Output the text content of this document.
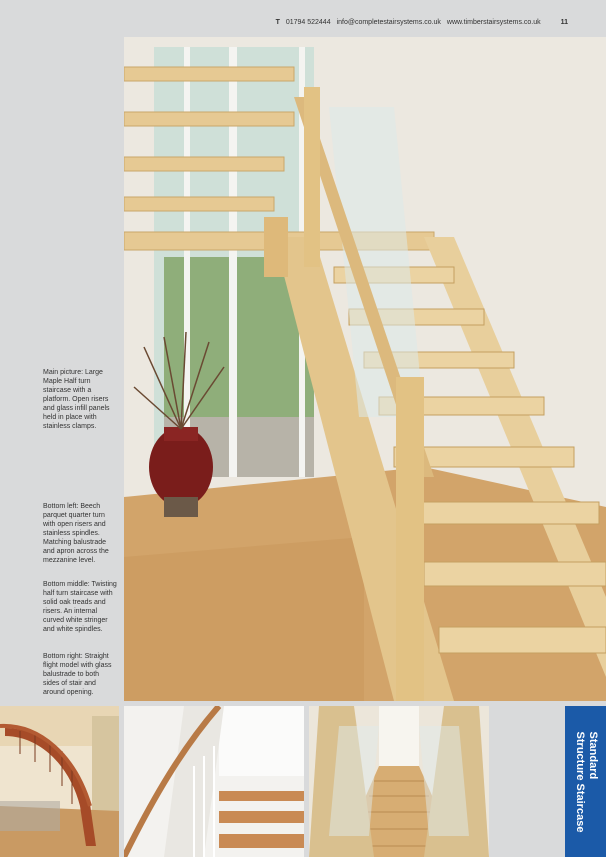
T 01794 522444 info@completestairsystems.co.uk www.timberstairsystems.co.uk	11
Main picture: Large Maple Half turn staircase with a platform. Open risers and glass infill panels held in place with stainless clamps.
Bottom left: Beech parquet quarter turn with open risers and stainless spindles. Matching balustrade and apron across the mezzanine level.
Bottom middle: Twisting half turn staircase with solid oak treads and risers. An internal curved white stringer and white spindles.
Bottom right: Straight flight model with glass balustrade to both sides of stair and around opening.
Standard
Structure Staircase
